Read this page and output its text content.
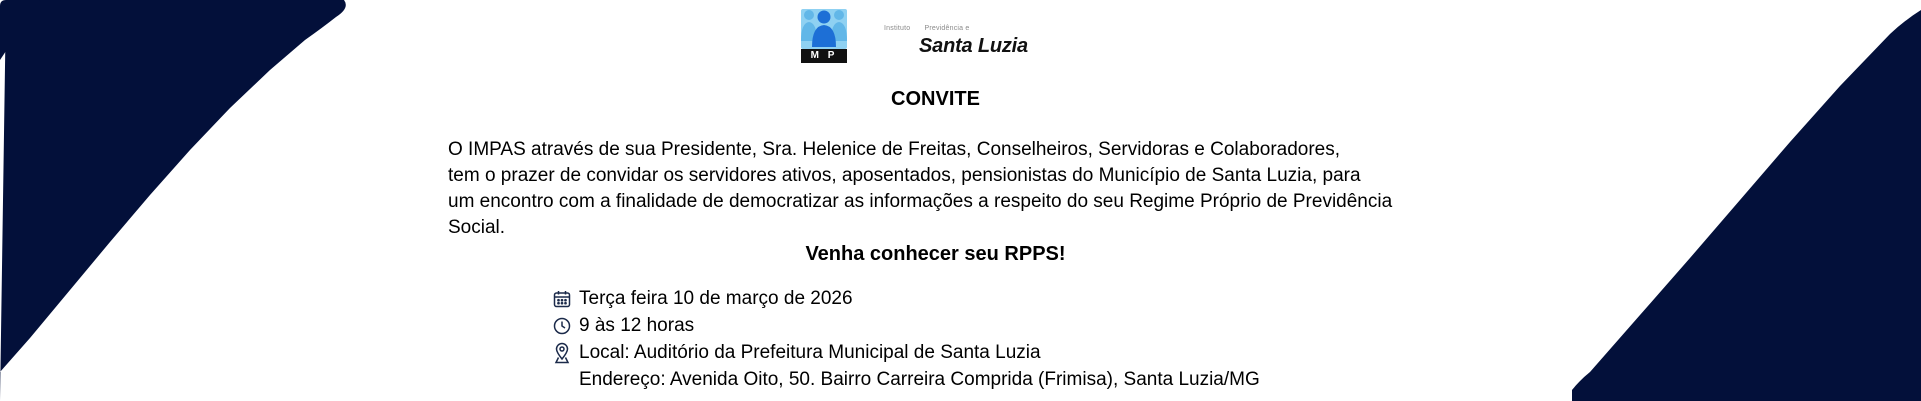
M P
Instituto Previdência e
Santa Luzia
CONVITE
O IMPAS através de sua Presidente, Sra. Helenice de Freitas, Conselheiros, Servidoras e Colaboradores,
tem o prazer de convidar os servidores ativos, aposentados, pensionistas do Município de Santa Luzia, para
um encontro com a finalidade de democratizar as informações a respeito do seu Regime Próprio de Previdência
Social.
Venha conhecer seu RPPS!
Terça feira 10 de março de 2026
9 às 12 horas
Local: Auditório da Prefeitura Municipal de Santa Luzia
Endereço: Avenida Oito, 50. Bairro Carreira Comprida (Frimisa), Santa Luzia/MG
